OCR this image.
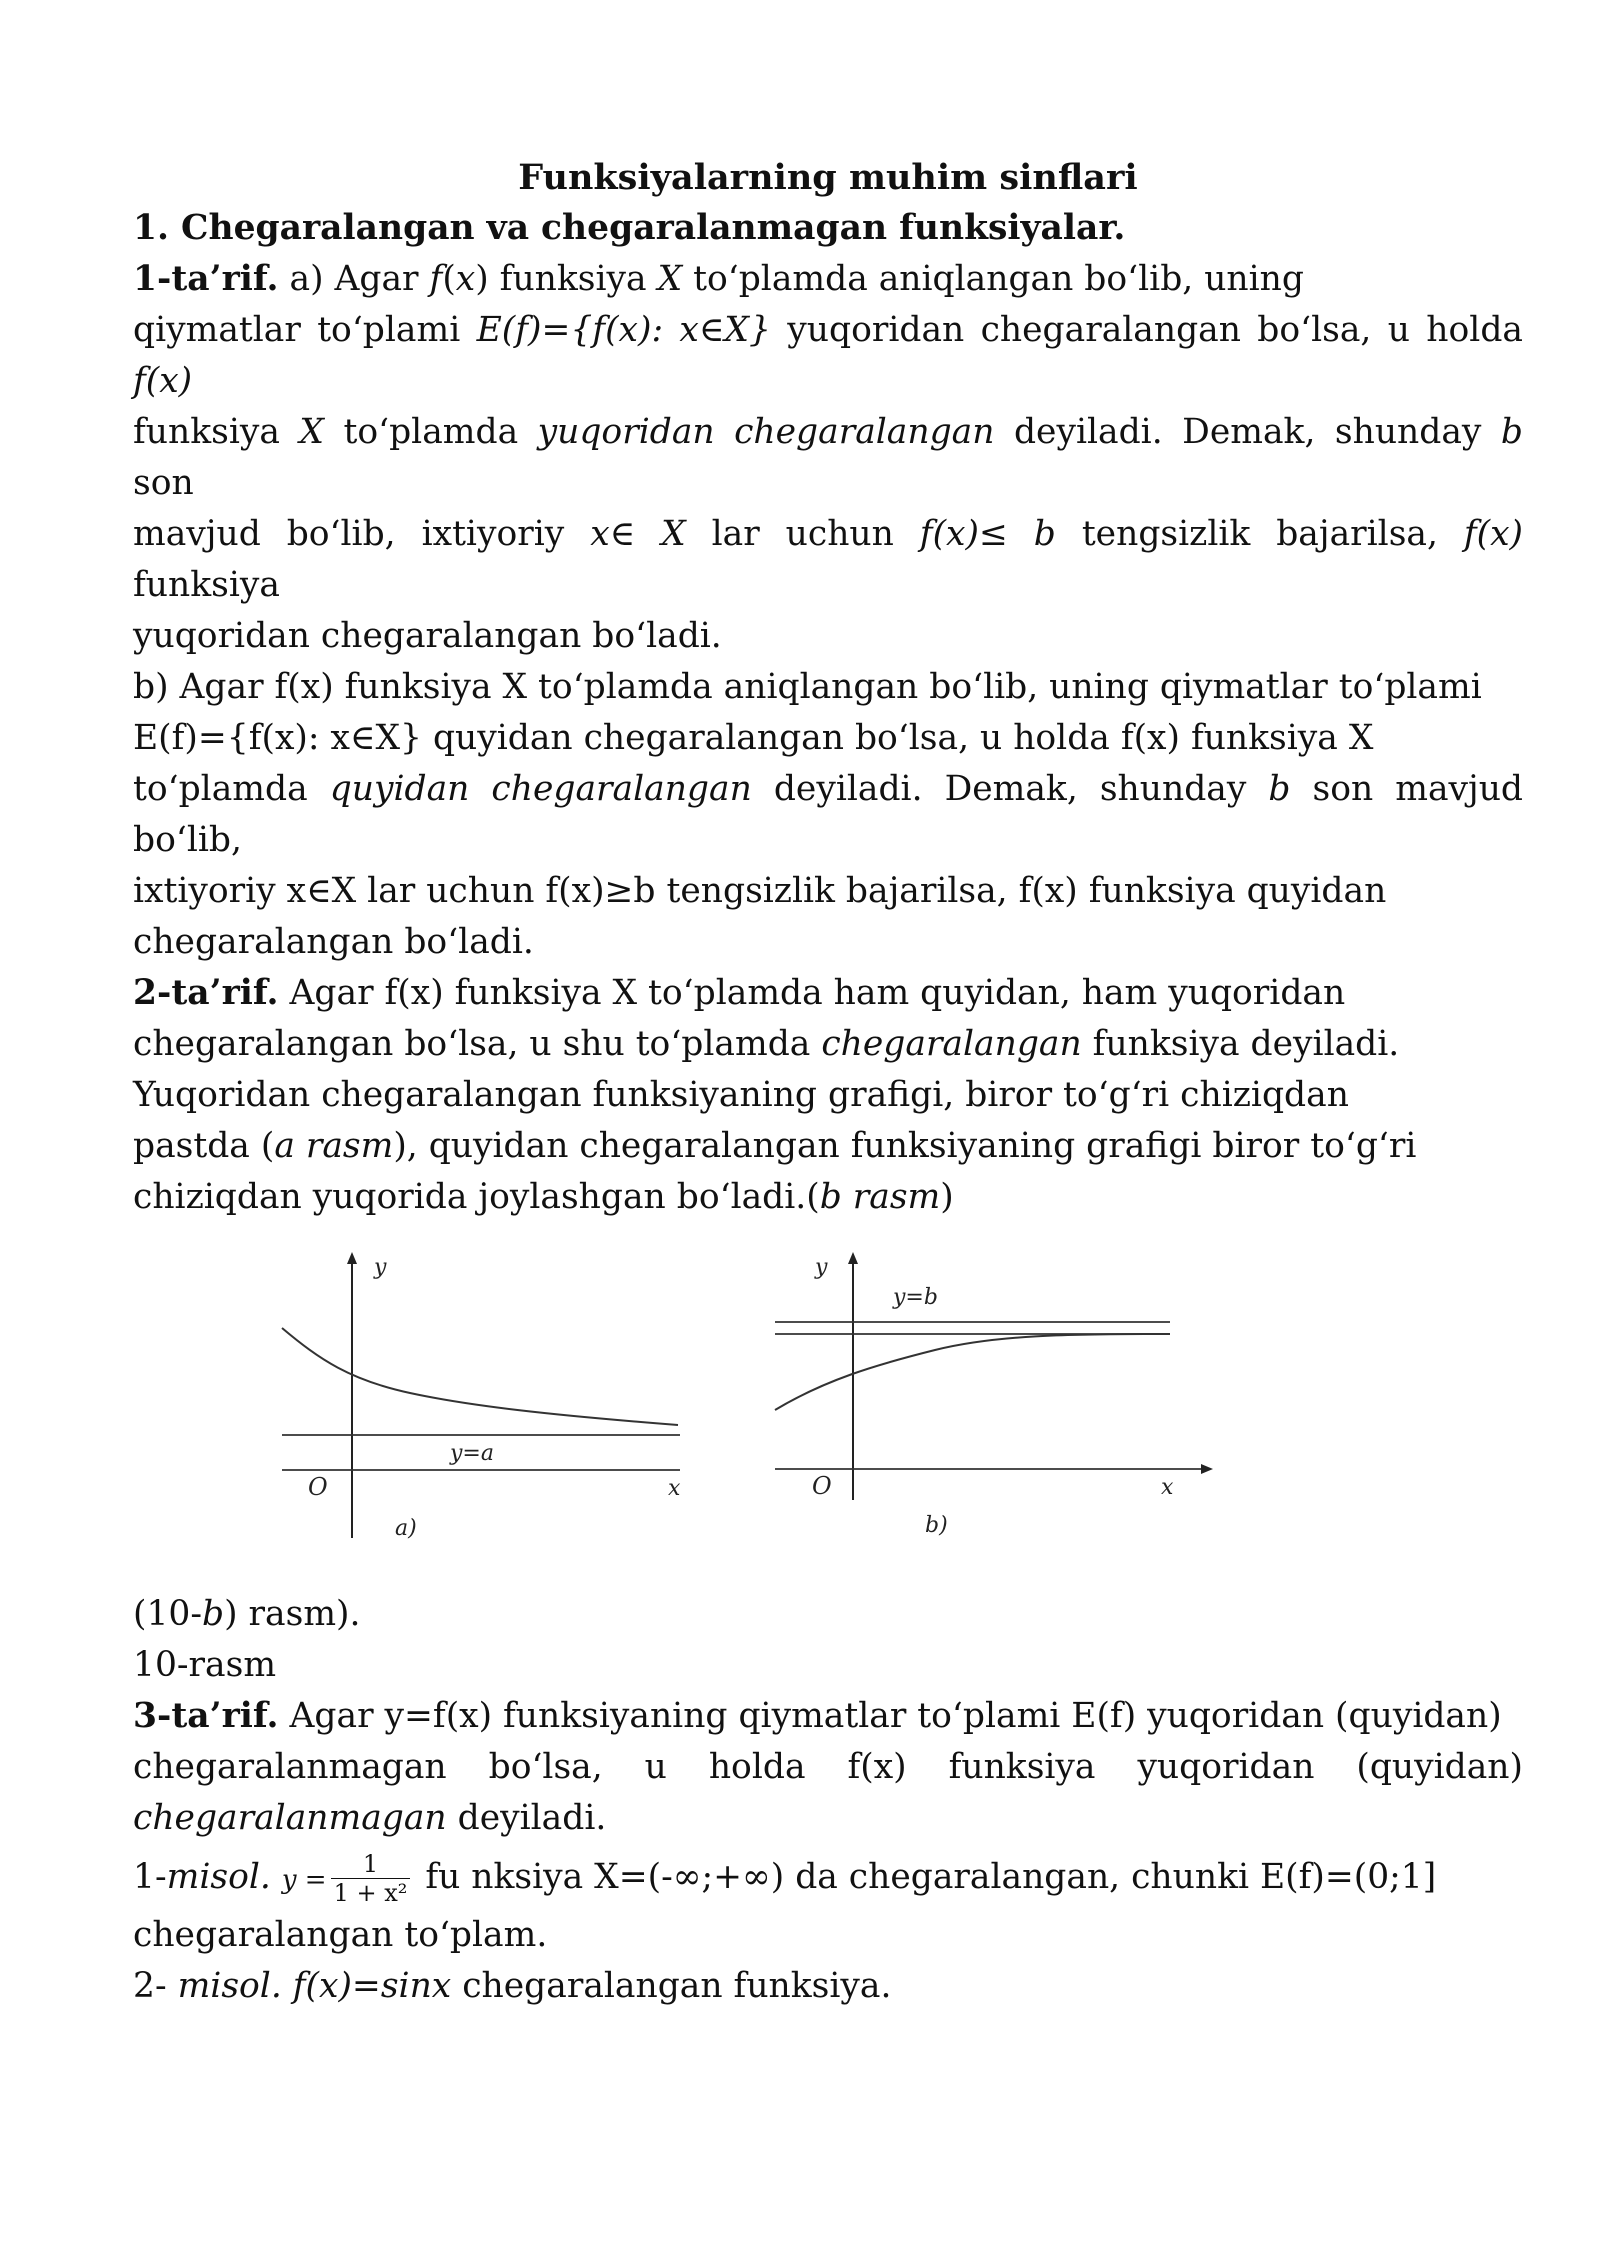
Funksiyalarning muhim sinflari
1. Chegaralangan va chegaralanmagan funksiyalar.
1-ta’rif. a) Agar f(x) funksiya X to‘plamda aniqlangan bo‘lib, uning
qiymatlar to‘plami E(f)={f(x): x∈X} yuqoridan chegaralangan bo‘lsa, u holda
f(x)
funksiya X to‘plamda yuqoridan chegaralangan deyiladi. Demak, shunday b
son
mavjud bo‘lib, ixtiyoriy x∈ X lar uchun f(x)≤ b tengsizlik bajarilsa, f(x)
funksiya
yuqoridan chegaralangan bo‘ladi.
b) Agar f(x) funksiya X to‘plamda aniqlangan bo‘lib, uning qiymatlar to‘plami
E(f)={f(x): x∈X} quyidan chegaralangan bo‘lsa, u holda f(x) funksiya X
to‘plamda quyidan chegaralangan deyiladi. Demak, shunday b son mavjud
bo‘lib,
ixtiyoriy x∈X lar uchun f(x)≥b tengsizlik bajarilsa, f(x) funksiya quyidan
chegaralangan bo‘ladi.
2-ta’rif. Agar f(x) funksiya X to‘plamda ham quyidan, ham yuqoridan
chegaralangan bo‘lsa, u shu to‘plamda chegaralangan funksiya deyiladi.
Yuqoridan chegaralangan funksiyaning grafigi, biror to‘g‘ri chiziqdan
pastda (a rasm), quyidan chegaralangan funksiyaning grafigi biror to‘g‘ri
chiziqdan yuqorida joylashgan bo‘ladi.(b rasm)
y
x
O
y=a
a)
y
y=b
x
O
b)
(10-b) rasm).
10-rasm
3-ta’rif. Agar y=f(x) funksiyaning qiymatlar to‘plami E(f) yuqoridan (quyidan)
chegaralanmagan bo‘lsa, u holda f(x) funksiya yuqoridan (quyidan)
chegaralanmagan deyiladi.
1-misol. $y = \frac{1}{\text{1 + x²}}$ fu nksiya X=(-∞;+∞) da chegaralangan, chunki E(f)=(0;1]
chegaralangan to‘plam.
2- misol. f(x)=sinx chegaralangan funksiya.
